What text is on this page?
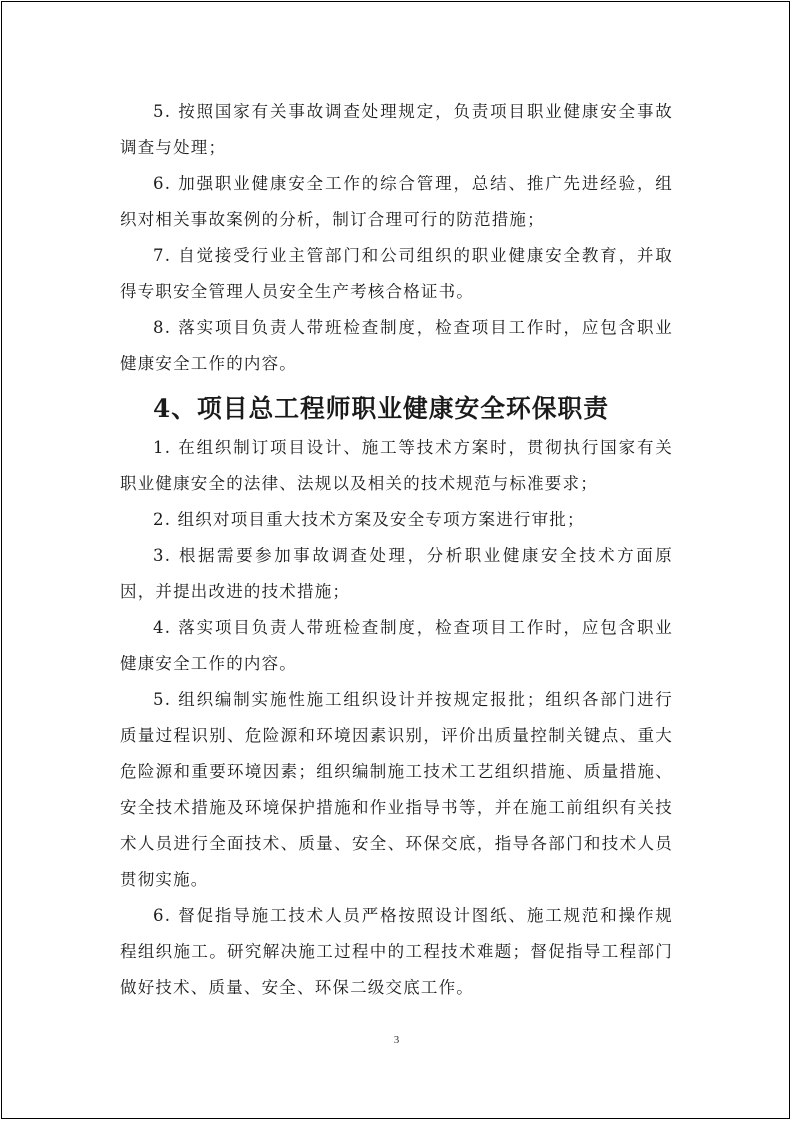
5. 按照国家有关事故调查处理规定，负责项目职业健康安全事故调查与处理；

6. 加强职业健康安全工作的综合管理，总结、推广先进经验，组织对相关事故案例的分析，制订合理可行的防范措施；

7. 自觉接受行业主管部门和公司组织的职业健康安全教育，并取得专职安全管理人员安全生产考核合格证书。

8. 落实项目负责人带班检查制度，检查项目工作时，应包含职业健康安全工作的内容。

4、项目总工程师职业健康安全环保职责

1. 在组织制订项目设计、施工等技术方案时，贯彻执行国家有关职业健康安全的法律、法规以及相关的技术规范与标准要求；

2. 组织对项目重大技术方案及安全专项方案进行审批；

3. 根据需要参加事故调查处理，分析职业健康安全技术方面原因，并提出改进的技术措施；

4. 落实项目负责人带班检查制度，检查项目工作时，应包含职业健康安全工作的内容。

5. 组织编制实施性施工组织设计并按规定报批；组织各部门进行质量过程识别、危险源和环境因素识别，评价出质量控制关键点、重大危险源和重要环境因素；组织编制施工技术工艺组织措施、质量措施、安全技术措施及环境保护措施和作业指导书等，并在施工前组织有关技术人员进行全面技术、质量、安全、环保交底，指导各部门和技术人员贯彻实施。

6. 督促指导施工技术人员严格按照设计图纸、施工规范和操作规程组织施工。研究解决施工过程中的工程技术难题；督促指导工程部门做好技术、质量、安全、环保二级交底工作。

3
